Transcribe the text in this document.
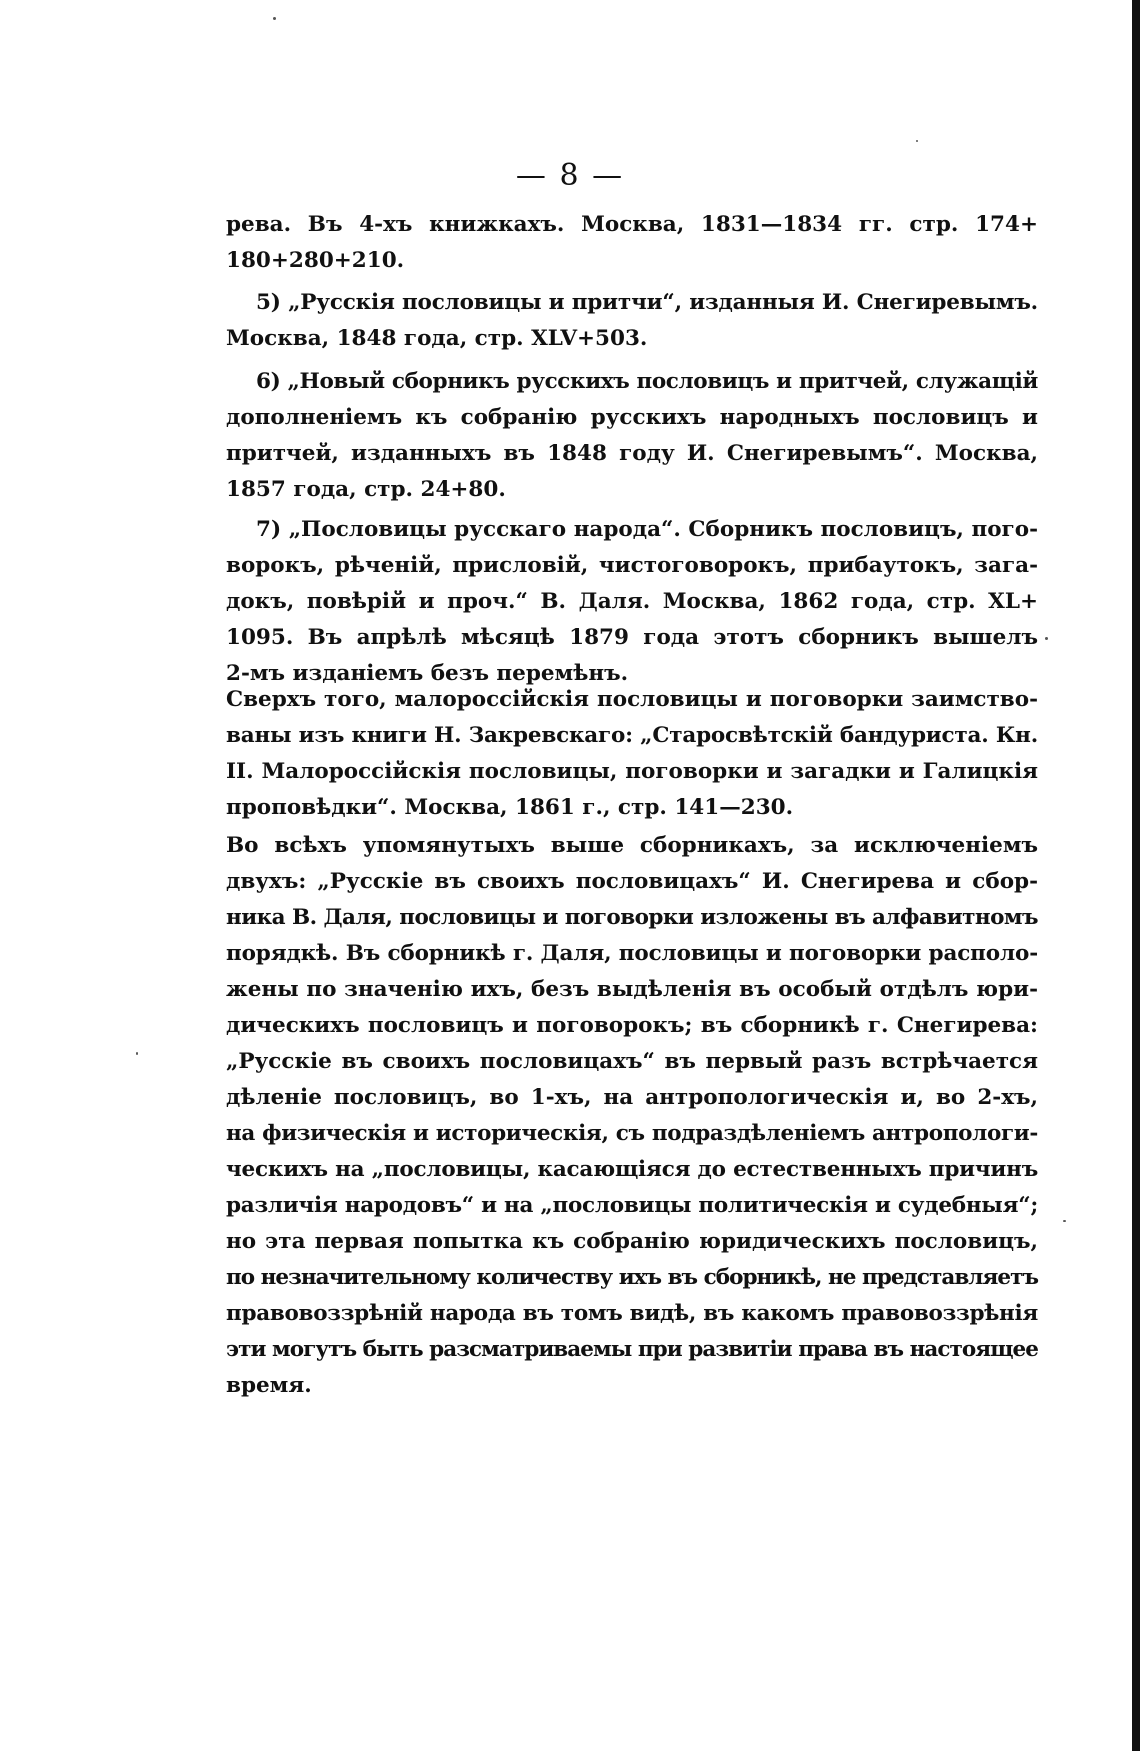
— 8 —
рева. Въ 4-хъ книжкахъ. Москва, 1831—1834 гг. стр. 174+
180+280+210.
5) „Русскія пословицы и притчи“, изданныя И. Снегиревымъ.
Москва, 1848 года, стр. XLV+503.
6) „Новый сборникъ русскихъ пословицъ и притчей, служащій
дополненіемъ къ собранію русскихъ народныхъ пословицъ и
притчей, изданныхъ въ 1848 году И. Снегиревымъ“. Москва,
1857 года, стр. 24+80.
7) „Пословицы русскаго народа“. Сборникъ пословицъ, пого-
ворокъ, рѣченій, присловій, чистоговорокъ, прибаутокъ, зага-
докъ, повѣрій и проч.“ В. Даля. Москва, 1862 года, стр. XL+
1095. Въ апрѣлѣ мѣсяцѣ 1879 года этотъ сборникъ вышелъ
2-мъ изданіемъ безъ перемѣнъ.
Сверхъ того, малороссійскія пословицы и поговорки заимство-
ваны изъ книги Н. Закревскаго: „Старосвѣтскій бандуриста. Кн.
II. Малороссійскія пословицы, поговорки и загадки и Галицкія
проповѣдки“. Москва, 1861 г., стр. 141—230.
Во всѣхъ упомянутыхъ выше сборникахъ, за исключеніемъ
двухъ: „Русскіе въ своихъ пословицахъ“ И. Снегирева и сбор-
ника В. Даля, пословицы и поговорки изложены въ алфавитномъ
порядкѣ. Въ сборникѣ г. Даля, пословицы и поговорки располо-
жены по значенію ихъ, безъ выдѣленія въ особый отдѣлъ юри-
дическихъ пословицъ и поговорокъ; въ сборникѣ г. Снегирева:
„Русскіе въ своихъ пословицахъ“ въ первый разъ встрѣчается
дѣленіе пословицъ, во 1-хъ, на антропологическія и, во 2-хъ,
на физическія и историческія, съ подраздѣленіемъ антропологи-
ческихъ на „пословицы, касающіяся до естественныхъ причинъ
различія народовъ“ и на „пословицы политическія и судебныя“;
но эта первая попытка къ собранію юридическихъ пословицъ,
по незначительному количеству ихъ въ сборникѣ, не представляетъ
правовоззрѣній народа въ томъ видѣ, въ какомъ правовоззрѣнія
эти могутъ быть разсматриваемы при развитіи права въ настоящее
время.
